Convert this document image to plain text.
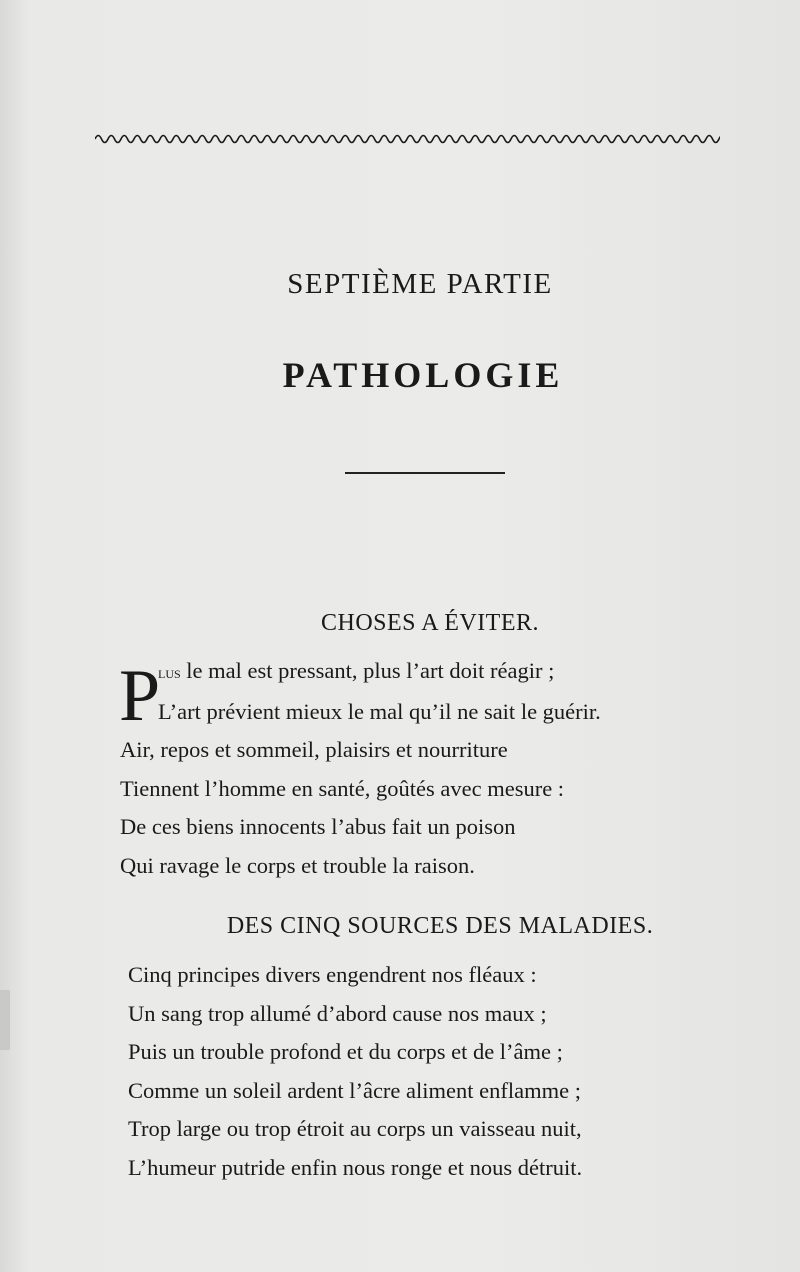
SEPTIÈME PARTIE
PATHOLOGIE
CHOSES A ÉVITER.
P
lus le mal est pressant, plus l’art doit réagir ;
L’art prévient mieux le mal qu’il ne sait le guérir.
Air, repos et sommeil, plaisirs et nourriture
Tiennent l’homme en santé, goûtés avec mesure :
De ces biens innocents l’abus fait un poison
Qui ravage le corps et trouble la raison.
DES CINQ SOURCES DES MALADIES.
Cinq principes divers engendrent nos fléaux :
Un sang trop allumé d’abord cause nos maux ;
Puis un trouble profond et du corps et de l’âme ;
Comme un soleil ardent l’âcre aliment enflamme ;
Trop large ou trop étroit au corps un vaisseau nuit,
L’humeur putride enfin nous ronge et nous détruit.
